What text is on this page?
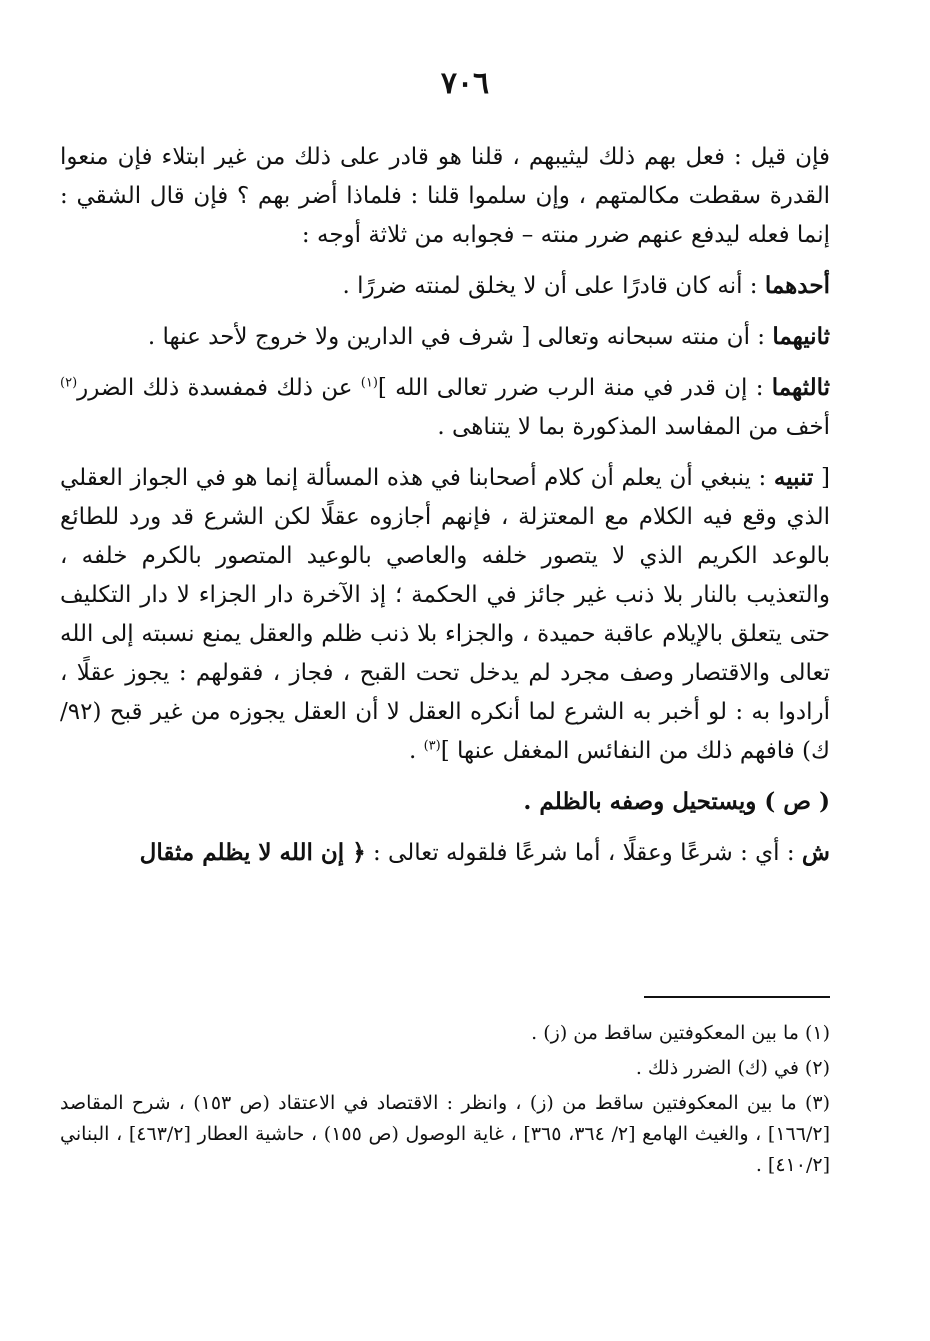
٧٠٦

فإن قيل : فعل بهم ذلك ليثيبهم ، قلنا هو قادر على ذلك من غير ابتلاء فإن منعوا القدرة سقطت مكالمتهم ، وإن سلموا قلنا : فلماذا أضر بهم ؟ فإن قال الشقي : إنما فعله ليدفع عنهم ضرر منته – فجوابه من ثلاثة أوجه :

أحدهما : أنه كان قادرًا على أن لا يخلق لمنته ضررًا .

ثانيهما : أن منته سبحانه وتعالى [ شرف في الدارين ولا خروج لأحد عنها .

ثالثهما : إن قدر في منة الرب ضرر تعالى الله ]$^{(١)}$ عن ذلك فمفسدة ذلك الضرر$^{(٢)}$ أخف من المفاسد المذكورة بما لا يتناهى .

[ تنبيه : ينبغي أن يعلم أن كلام أصحابنا في هذه المسألة إنما هو في الجواز العقلي الذي وقع فيه الكلام مع المعتزلة ، فإنهم أجازوه عقلًا لكن الشرع قد ورد للطائع بالوعد الكريم الذي لا يتصور خلفه والعاصي بالوعيد المتصور بالكرم خلفه ، والتعذيب بالنار بلا ذنب غير جائز في الحكمة ؛ إذ الآخرة دار الجزاء لا دار التكليف حتى يتعلق بالإيلام عاقبة حميدة ، والجزاء بلا ذنب ظلم والعقل يمنع نسبته إلى الله تعالى والاقتصار وصف مجرد لم يدخل تحت القبح ، فجاز ، فقولهم : يجوز عقلًا ، أرادوا به : لو أخبر به الشرع لما أنكره العقل لا أن العقل يجوزه من غير قبح (٩٢/ك) فافهم ذلك من النفائس المغفل عنها ]$^{(٣)}$ .

( ص ) ويستحيل وصفه بالظلم .

ش : أي : شرعًا وعقلًا ، أما شرعًا فلقوله تعالى : ﴿ إن الله لا يظلم مثقال

(١) ما بين المعكوفتين ساقط من (ز) .

(٢) في (ك) الضرر ذلك .

(٣) ما بين المعكوفتين ساقط من (ز) ، وانظر : الاقتصاد في الاعتقاد (ص ١٥٣) ، شرح المقاصد [١٦٦/٢] ، والغيث الهامع [٢/ ٣٦٤، ٣٦٥] ، غاية الوصول (ص ١٥٥) ، حاشية العطار [٤٦٣/٢] ، البناني [٤١٠/٢] .
